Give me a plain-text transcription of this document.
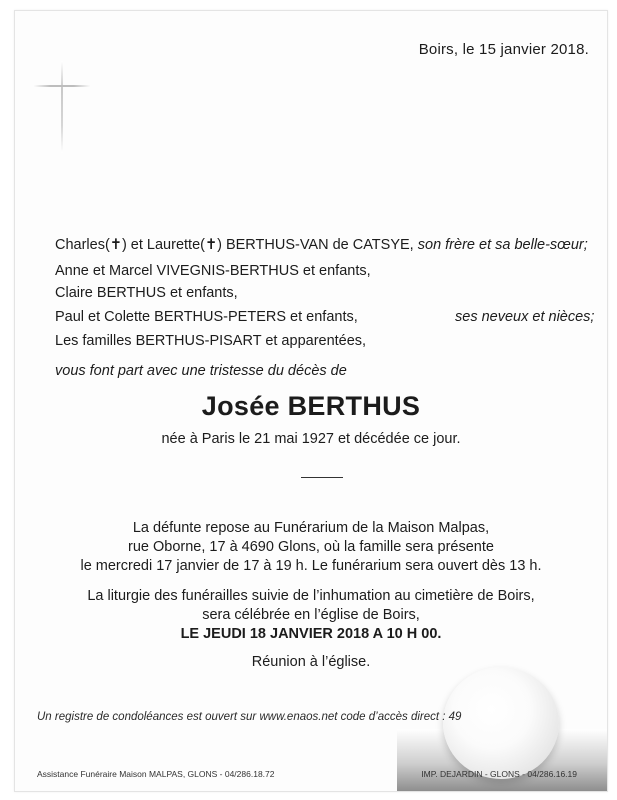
Boirs, le 15 janvier 2018.
Charles(✝) et Laurette(✝) BERTHUS-VAN de CATSYE, son frère et sa belle-sœur;
Anne et Marcel VIVEGNIS-BERTHUS et enfants,
Claire BERTHUS et enfants,
Paul et Colette BERTHUS-PETERS et enfants,	ses neveux et nièces;
Les familles BERTHUS-PISART et apparentées,
vous font part avec une tristesse du décès de
Josée BERTHUS
née à Paris le 21 mai 1927 et décédée ce jour.

La défunte repose au Funérarium de la Maison Malpas,

rue Oborne, 17 à 4690 Glons, où la famille sera présente

le mercredi 17 janvier de 17 à 19 h. Le funérarium sera ouvert dès 13 h.

La liturgie des funérailles suivie de l’inhumation au cimetière de Boirs,

sera célébrée en l’église de Boirs,

LE JEUDI 18 JANVIER 2018 A 10 H 00.

Réunion à l’église.
Un registre de condoléances est ouvert sur www.enaos.net code d’accès direct : 49
Assistance Funéraire Maison MALPAS, GLONS - 04/286.18.72	IMP. DEJARDIN - GLONS - 04/286.16.19
